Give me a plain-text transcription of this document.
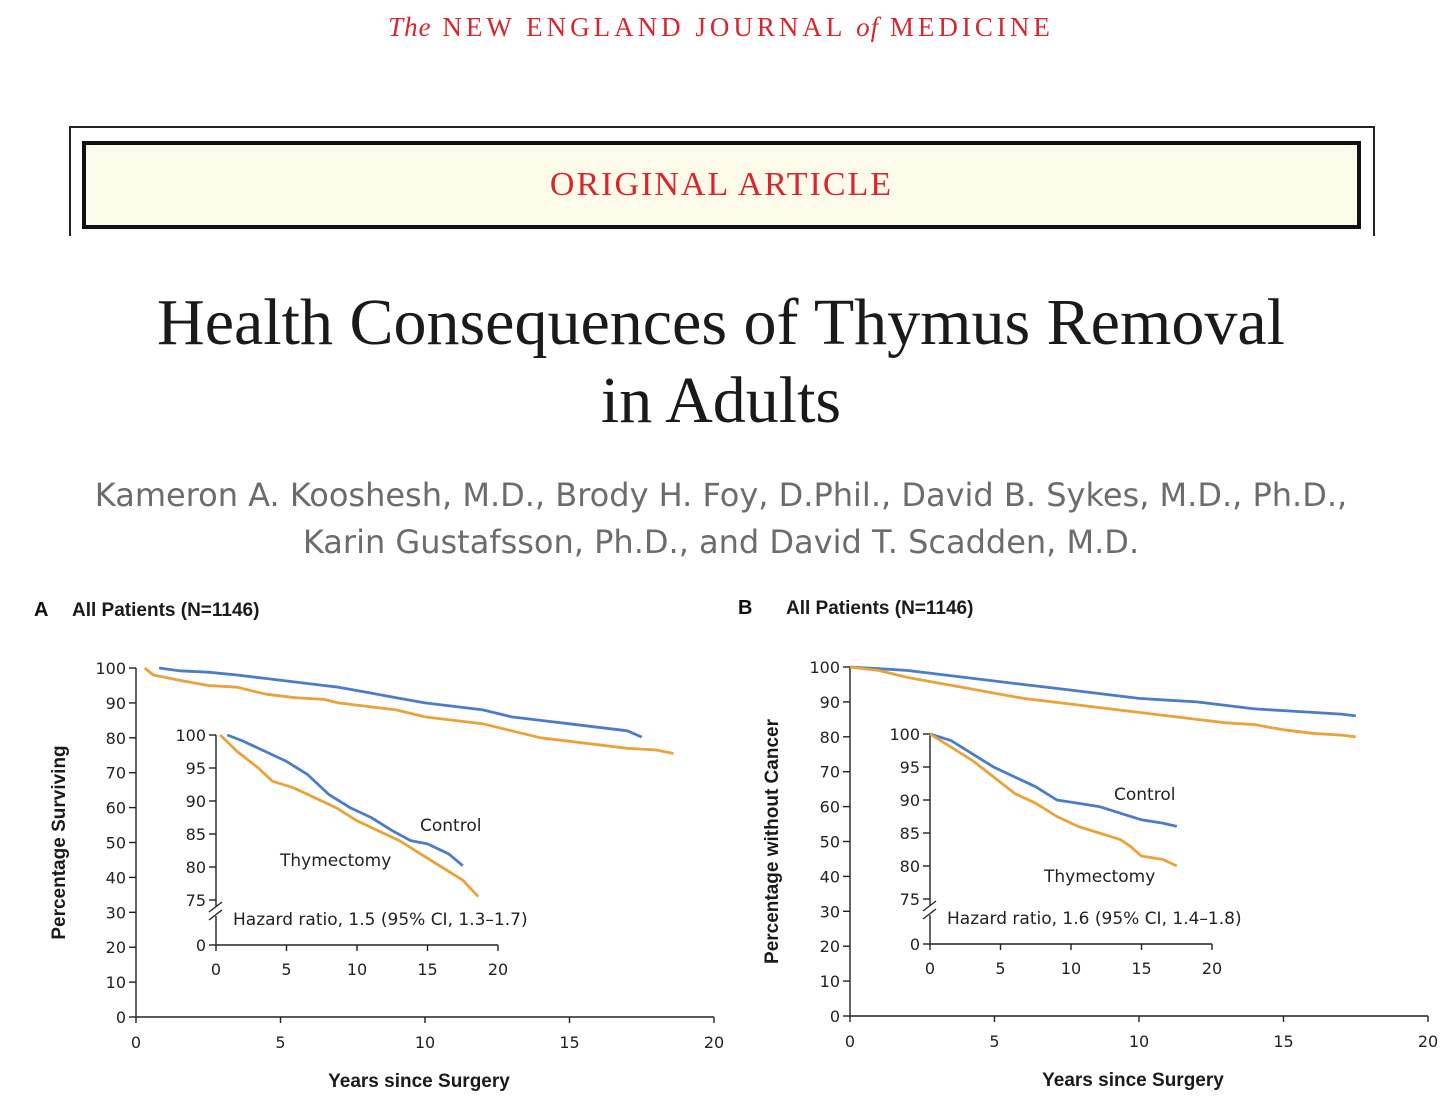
The NEW ENGLAND JOURNAL of MEDICINE
ORIGINAL ARTICLE
Health Consequences of Thymus Removal
in Adults
Kameron A. Kooshesh, M.D., Brody H. Foy, D.Phil., David B. Sykes, M.D., Ph.D.,
Karin Gustafsson, Ph.D., and David T. Scadden, M.D.
A All Patients (N=1146)
0
10
20
30
40
50
60
70
80
90
100
0	5	10	15	20
Years since Surgery
Percentage Surviving
0
75
80
85
90
95
100
0	5	10	15	20
Control
Thymectomy
Hazard ratio, 1.5 (95% CI, 1.3–1.7)
B All Patients (N=1146)
0
10
20
30
40
50
60
70
80
90
100
0	5	10	15	20
Years since Surgery
Percentage without Cancer	0
75
80
85
90
95
100
0	5	10	15	20
Control
Thymectomy
Hazard ratio, 1.6 (95% CI, 1.4–1.8)
